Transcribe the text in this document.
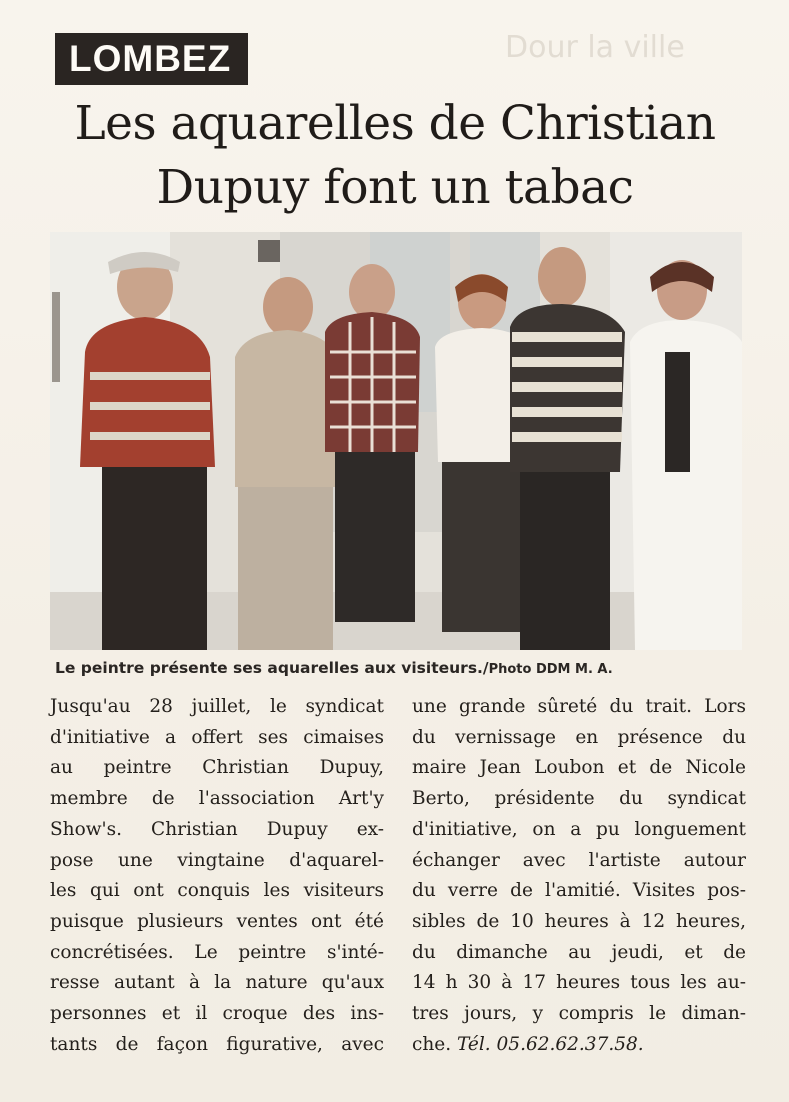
Dour la ville
LOMBEZ
Les aquarelles de Christian
Dupuy font un tabac
Le peintre présente ses aquarelles aux visiteurs./Photo DDM M. A.
Jusqu'au 28 juillet, le syndicat
d'initiative a offert ses cimaises
au peintre Christian Dupuy,
membre de l'association Art'y
Show's. Christian Dupuy ex-
pose une vingtaine d'aquarel-
les qui ont conquis les visiteurs
puisque plusieurs ventes ont été
concrétisées. Le peintre s'inté-
resse autant à la nature qu'aux
personnes et il croque des ins-
tants de façon figurative, avec
une grande sûreté du trait. Lors
du vernissage en présence du
maire Jean Loubon et de Nicole
Berto, présidente du syndicat
d'initiative, on a pu longuement
échanger avec l'artiste autour
du verre de l'amitié. Visites pos-
sibles de 10 heures à 12 heures,
du dimanche au jeudi, et de
14 h 30 à 17 heures tous les au-
tres jours, y compris le diman-
che. Tél. 05.62.62.37.58.
